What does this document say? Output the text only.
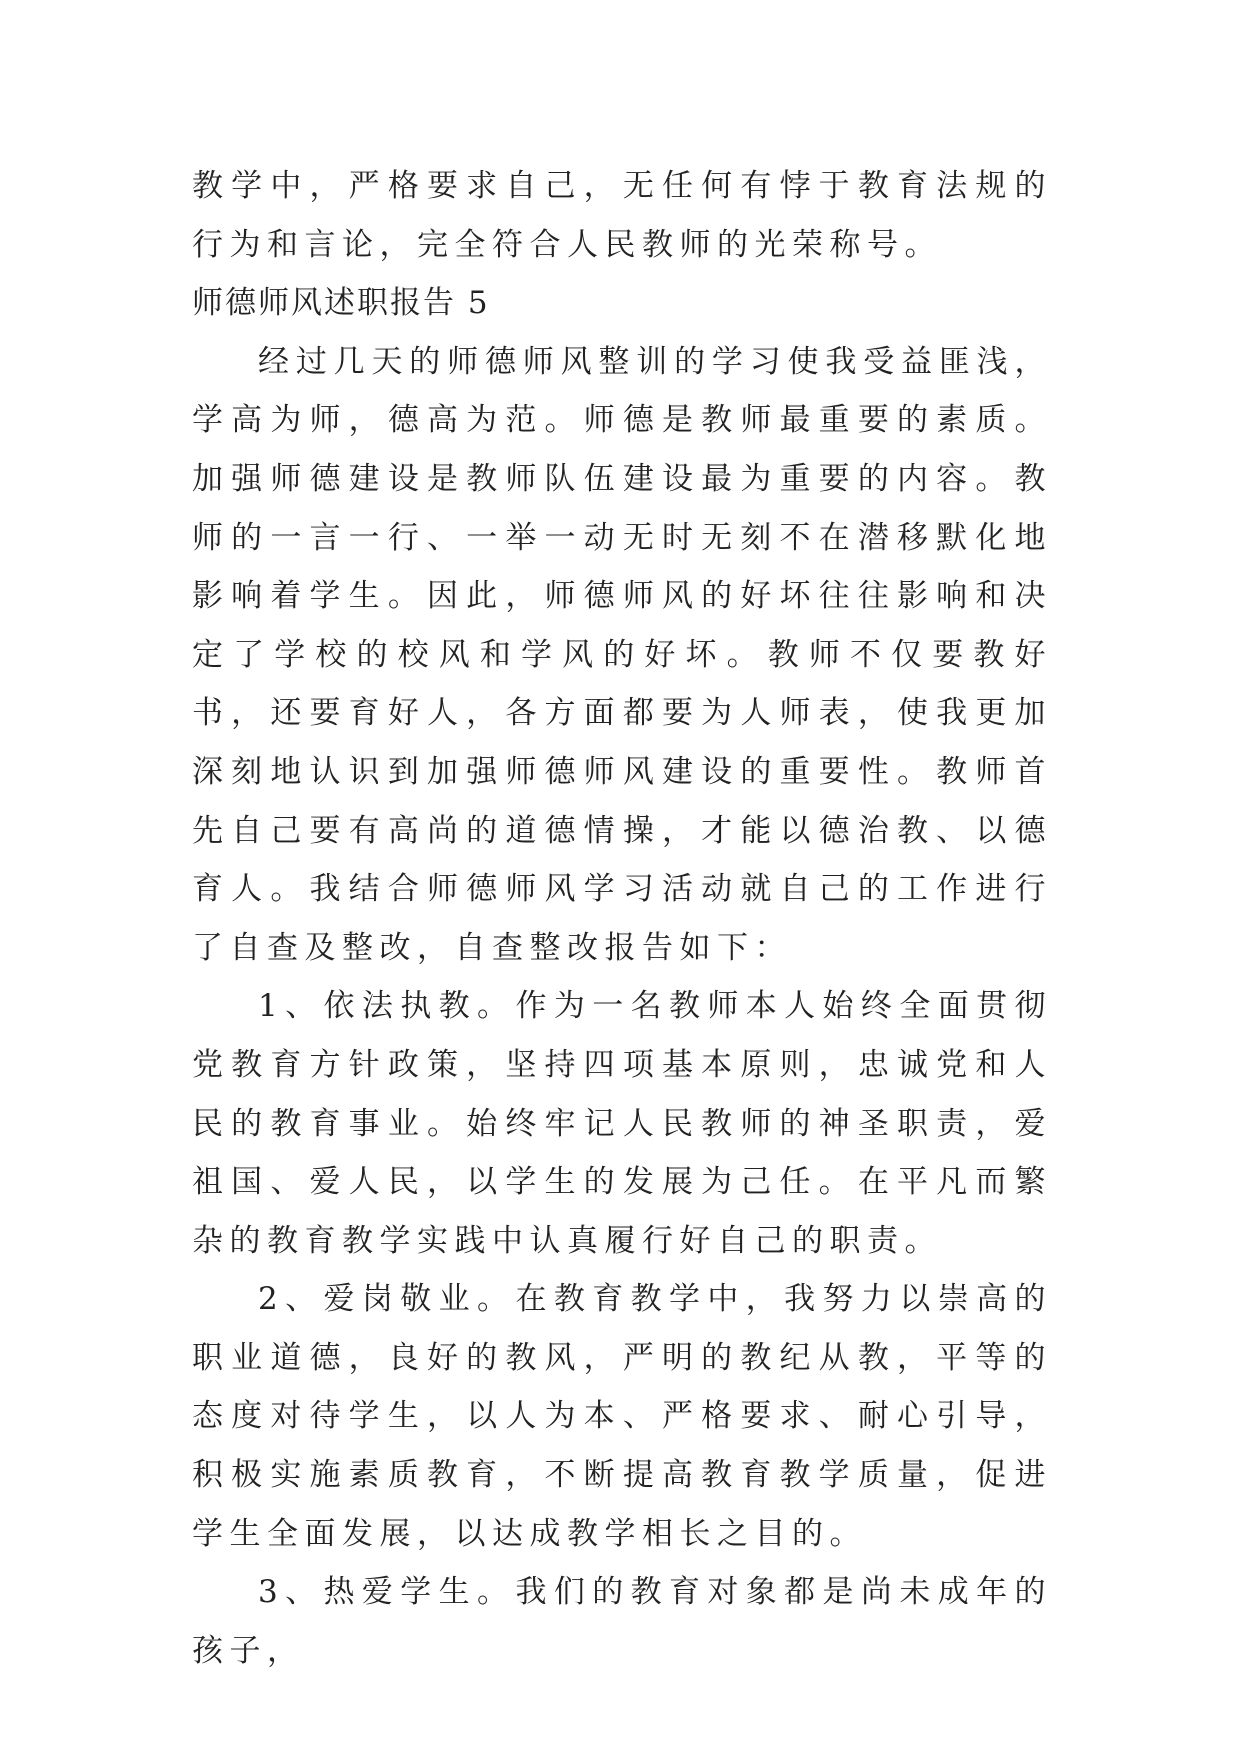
教学中，严格要求自己，无任何有悖于教育法规的行为和言论，完全符合人民教师的光荣称号。

师德师风述职报告 5

经过几天的师德师风整训的学习使我受益匪浅，学高为师，德高为范。师德是教师最重要的素质。加强师德建设是教师队伍建设最为重要的内容。教师的一言一行、一举一动无时无刻不在潜移默化地影响着学生。因此，师德师风的好坏往往影响和决定了学校的校风和学风的好坏。教师不仅要教好书，还要育好人，各方面都要为人师表，使我更加深刻地认识到加强师德师风建设的重要性。教师首先自己要有高尚的道德情操，才能以德治教、以德育人。我结合师德师风学习活动就自己的工作进行了自查及整改，自查整改报告如下：

1、依法执教。作为一名教师本人始终全面贯彻党教育方针政策，坚持四项基本原则，忠诚党和人民的教育事业。始终牢记人民教师的神圣职责，爱祖国、爱人民，以学生的发展为己任。在平凡而繁杂的教育教学实践中认真履行好自己的职责。

2、爱岗敬业。在教育教学中，我努力以崇高的职业道德，良好的教风，严明的教纪从教，平等的态度对待学生，以人为本、严格要求、耐心引导，积极实施素质教育，不断提高教育教学质量，促进学生全面发展，以达成教学相长之目的。

3、热爱学生。我们的教育对象都是尚未成年的孩子，
